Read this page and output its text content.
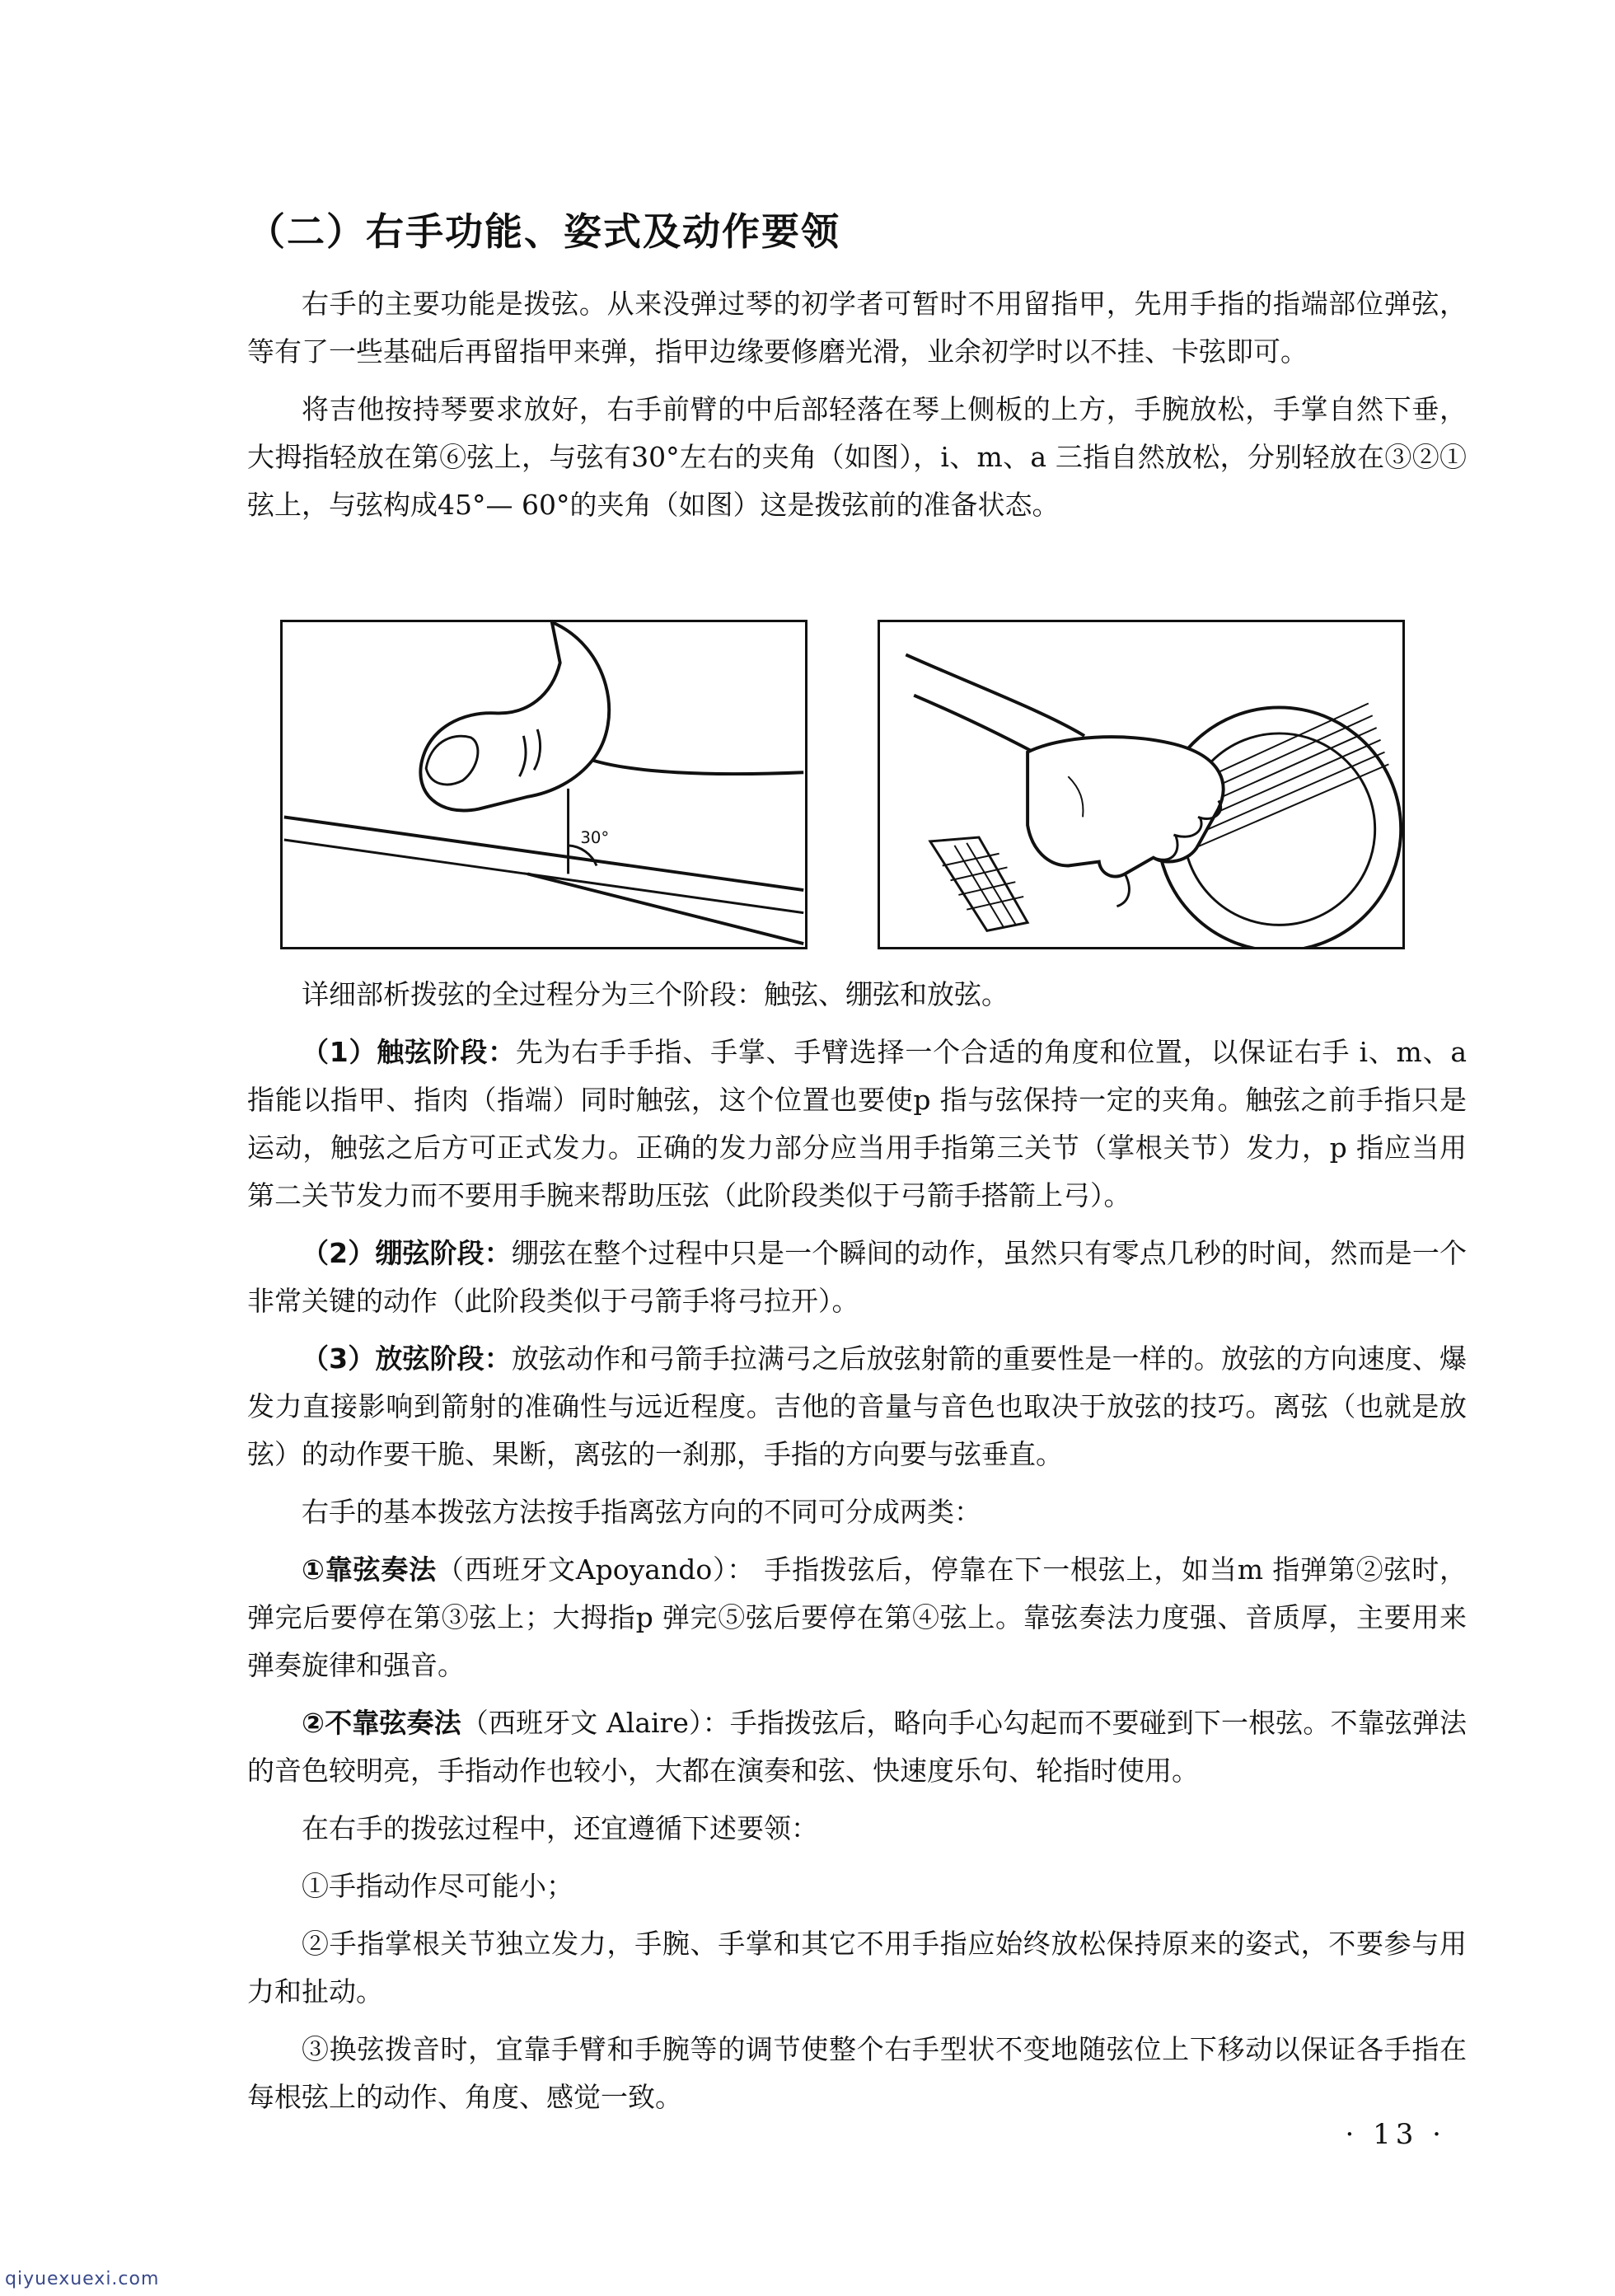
（二）右手功能、姿式及动作要领

右手的主要功能是拨弦。从来没弹过琴的初学者可暂时不用留指甲，先用手指的指端部位弹弦，等有了一些基础后再留指甲来弹，指甲边缘要修磨光滑，业余初学时以不挂、卡弦即可。

将吉他按持琴要求放好，右手前臂的中后部轻落在琴上侧板的上方，手腕放松，手掌自然下垂，大拇指轻放在第⑥弦上，与弦有30°左右的夹角（如图），i、m、a 三指自然放松，分别轻放在③②①弦上，与弦构成45°— 60°的夹角（如图）这是拨弦前的准备状态。

30°

详细部析拨弦的全过程分为三个阶段：触弦、绷弦和放弦。

（1）触弦阶段：先为右手手指、手掌、手臂选择一个合适的角度和位置，以保证右手 i、m、a 指能以指甲、指肉（指端）同时触弦，这个位置也要使p 指与弦保持一定的夹角。触弦之前手指只是运动，触弦之后方可正式发力。正确的发力部分应当用手指第三关节（掌根关节）发力，p 指应当用第二关节发力而不要用手腕来帮助压弦（此阶段类似于弓箭手搭箭上弓）。

（2）绷弦阶段：绷弦在整个过程中只是一个瞬间的动作，虽然只有零点几秒的时间，然而是一个非常关键的动作（此阶段类似于弓箭手将弓拉开）。

（3）放弦阶段：放弦动作和弓箭手拉满弓之后放弦射箭的重要性是一样的。放弦的方向速度、爆发力直接影响到箭射的准确性与远近程度。吉他的音量与音色也取决于放弦的技巧。离弦（也就是放弦）的动作要干脆、果断，离弦的一刹那，手指的方向要与弦垂直。

右手的基本拨弦方法按手指离弦方向的不同可分成两类：

①靠弦奏法（西班牙文Apoyando）： 手指拨弦后，停靠在下一根弦上，如当m 指弹第②弦时，弹完后要停在第③弦上；大拇指p 弹完⑤弦后要停在第④弦上。靠弦奏法力度强、音质厚，主要用来弹奏旋律和强音。

②不靠弦奏法（西班牙文 Alaire）：手指拨弦后，略向手心勾起而不要碰到下一根弦。不靠弦弹法的音色较明亮，手指动作也较小，大都在演奏和弦、快速度乐句、轮指时使用。

在右手的拨弦过程中，还宜遵循下述要领：

①手指动作尽可能小；

②手指掌根关节独立发力，手腕、手掌和其它不用手指应始终放松保持原来的姿式，不要参与用力和扯动。

③换弦拨音时，宜靠手臂和手腕等的调节使整个右手型状不变地随弦位上下移动以保证各手指在每根弦上的动作、角度、感觉一致。

· 13 ·
qiyuexuexi.com
